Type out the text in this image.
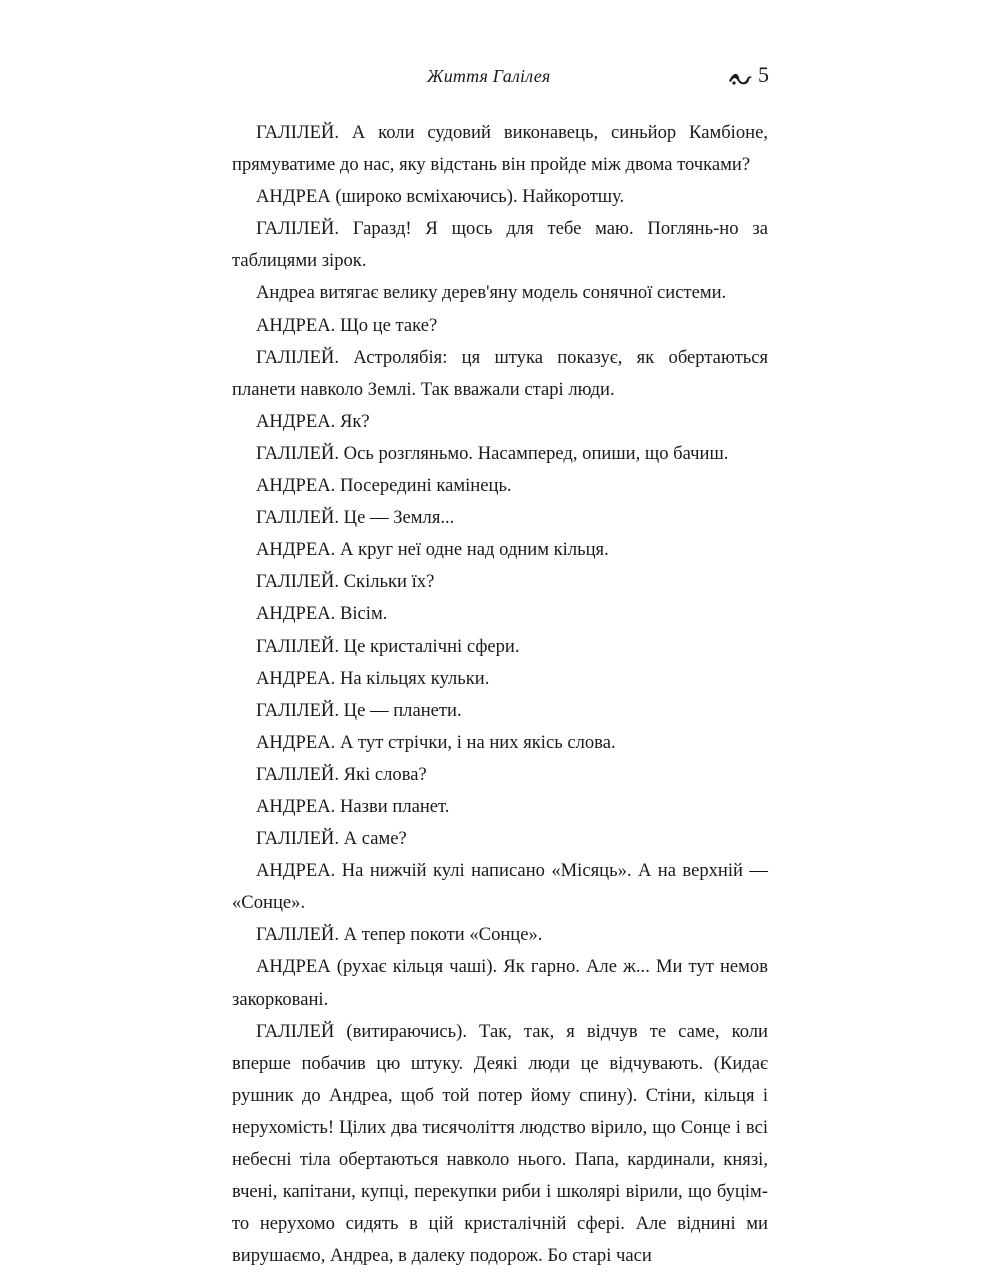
Життя Галілея	5

ГАЛІЛЕЙ. А коли судовий виконавець, синьйор Камбіоне, прямуватиме до нас, яку відстань він пройде між двома точками?

АНДРЕА (широко всміхаючись). Найкоротшу.

ГАЛІЛЕЙ. Гаразд! Я щось для тебе маю. Поглянь-но за таблицями зірок.

Андреа витягає велику дерев'яну модель сонячної системи.

АНДРЕА. Що це таке?

ГАЛІЛЕЙ. Астролябія: ця штука показує, як обертаються планети навколо Землі. Так вважали старі люди.

АНДРЕА. Як?

ГАЛІЛЕЙ. Ось розгляньмо. Насамперед, опиши, що бачиш.

АНДРЕА. Посередині камінець.

ГАЛІЛЕЙ. Це — Земля...

АНДРЕА. А круг неї одне над одним кільця.

ГАЛІЛЕЙ. Скільки їх?

АНДРЕА. Вісім.

ГАЛІЛЕЙ. Це кристалічні сфери.

АНДРЕА. На кільцях кульки.

ГАЛІЛЕЙ. Це — планети.

АНДРЕА. А тут стрічки, і на них якісь слова.

ГАЛІЛЕЙ. Які слова?

АНДРЕА. Назви планет.

ГАЛІЛЕЙ. А саме?

АНДРЕА. На нижчій кулі написано «Місяць». А на верхній — «Сонце».

ГАЛІЛЕЙ. А тепер покоти «Сонце».

АНДРЕА (рухає кільця чаші). Як гарно. Але ж... Ми тут немов закорковані.

ГАЛІЛЕЙ (витираючись). Так, так, я відчув те саме, коли вперше побачив цю штуку. Деякі люди це відчувають. (Кидає рушник до Андреа, щоб той потер йому спину). Стіни, кільця і нерухомість! Цілих два тисячоліття людство вірило, що Сонце і всі небесні тіла обертаються навколо нього. Папа, кардинали, князі, вчені, капітани, купці, перекупки риби і школярі вірили, що буцім-то нерухомо сидять в цій кристалічній сфері. Але віднині ми вирушаємо, Андреа, в далеку подорож. Бо старі часи
